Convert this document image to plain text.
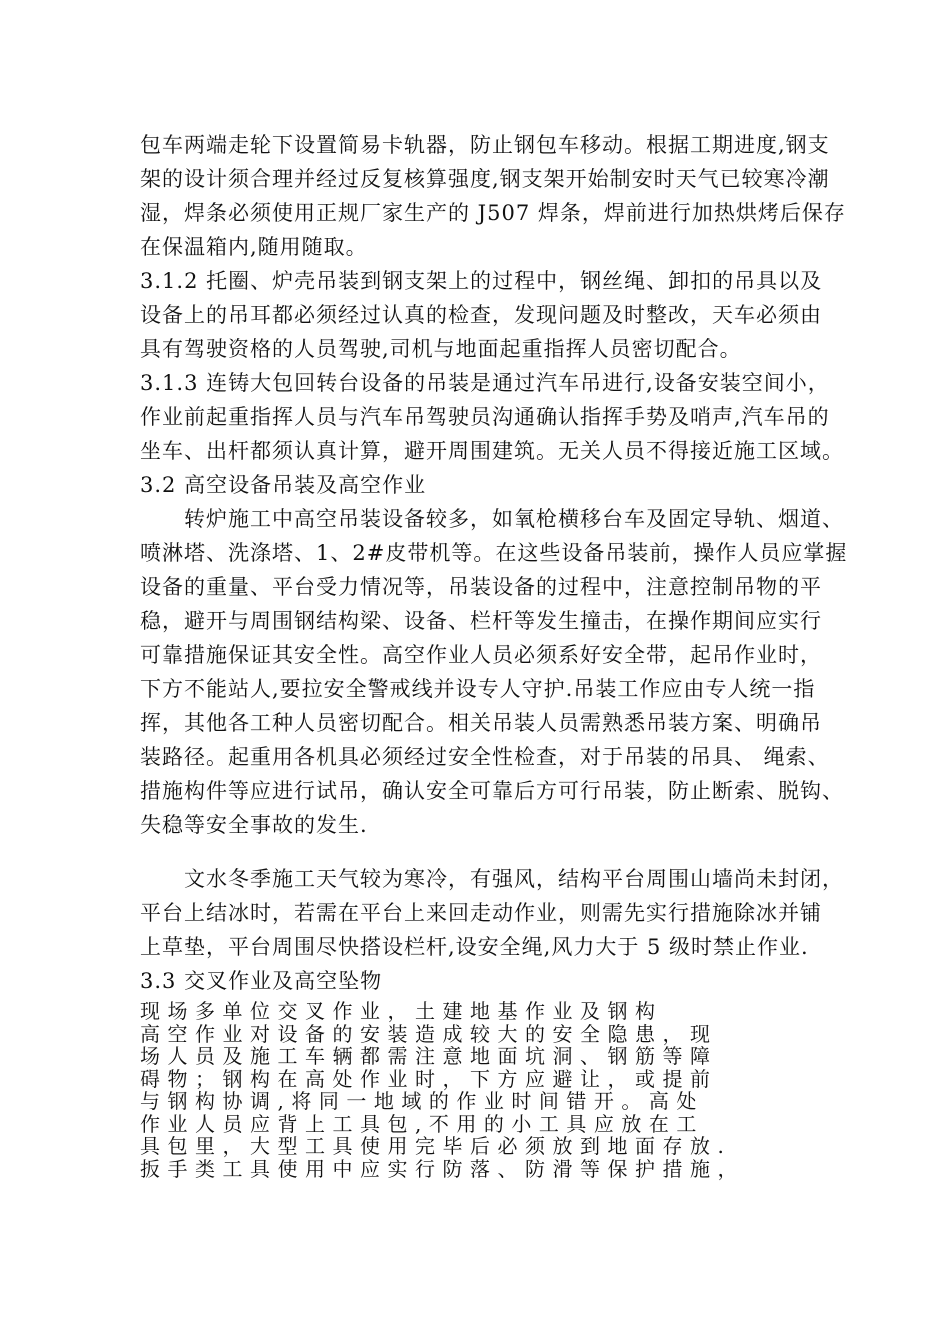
包车两端走轮下设置简易卡轨器，防止钢包车移动。根据工期进度,钢支
架的设计须合理并经过反复核算强度,钢支架开始制安时天气已较寒冷潮
湿，焊条必须使用正规厂家生产的 J507 焊条，焊前进行加热烘烤后保存
在保温箱内,随用随取。
3.1.2 托圈、炉壳吊装到钢支架上的过程中，钢丝绳、卸扣的吊具以及
设备上的吊耳都必须经过认真的检查，发现问题及时整改，天车必须由
具有驾驶资格的人员驾驶,司机与地面起重指挥人员密切配合。
3.1.3 连铸大包回转台设备的吊装是通过汽车吊进行,设备安装空间小，
作业前起重指挥人员与汽车吊驾驶员沟通确认指挥手势及哨声,汽车吊的
坐车、出杆都须认真计算，避开周围建筑。无关人员不得接近施工区域。
3.2 高空设备吊装及高空作业
转炉施工中高空吊装设备较多，如氧枪横移台车及固定导轨、烟道、
喷淋塔、洗涤塔、1、2#皮带机等。在这些设备吊装前，操作人员应掌握
设备的重量、平台受力情况等，吊装设备的过程中，注意控制吊物的平
稳，避开与周围钢结构梁、设备、栏杆等发生撞击，在操作期间应实行
可靠措施保证其安全性。高空作业人员必须系好安全带，起吊作业时，
下方不能站人,要拉安全警戒线并设专人守护.吊装工作应由专人统一指
挥，其他各工种人员密切配合。相关吊装人员需熟悉吊装方案、明确吊
装路径。起重用各机具必须经过安全性检查，对于吊装的吊具、 绳索、
措施构件等应进行试吊，确认安全可靠后方可行吊装，防止断索、脱钩、
失稳等安全事故的发生.
文水冬季施工天气较为寒冷，有强风，结构平台周围山墙尚未封闭，
平台上结冰时，若需在平台上来回走动作业，则需先实行措施除冰并铺
上草垫，平台周围尽快搭设栏杆,设安全绳,风力大于 5 级时禁止作业.
3.3 交叉作业及高空坠物
现场多单位交叉作业，土建地基作业及钢构
高空作业对设备的安装造成较大的安全隐患，现
场人员及施工车辆都需注意地面坑洞、钢筋等障
碍物；钢构在高处作业时，下方应避让，或提前
与钢构协调,将同一地域的作业时间错开。高处
作业人员应背上工具包,不用的小工具应放在工
具包里，大型工具使用完毕后必须放到地面存放.
扳手类工具使用中应实行防落、防滑等保护措施，
